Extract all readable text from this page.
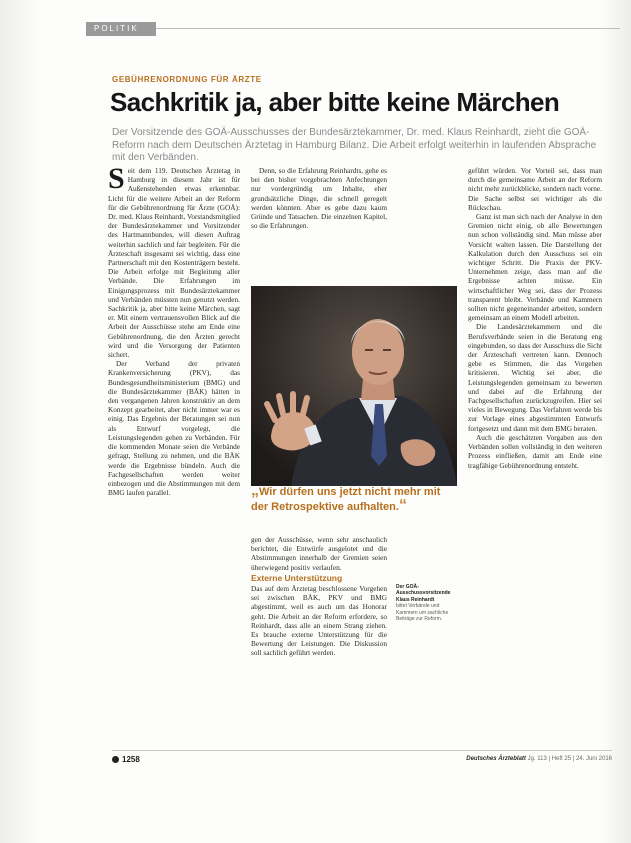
POLITIK
GEBÜHRENORDNUNG FÜR ÄRZTE
Sachkritik ja, aber bitte keine Märchen
Der Vorsitzende des GOÄ-Ausschusses der Bundesärztekammer, Dr. med. Klaus Reinhardt, zieht die GOÄ-Reform nach dem Deutschen Ärztetag in Hamburg Bilanz. Die Arbeit erfolgt weiterhin in laufenden Absprache mit den Verbänden.

Seit dem 119. Deutschen Ärztetag in Hamburg in diesem Jahr ist für Außenstehenden etwas erkennbar. Licht für die weitere Arbeit an der Reform für die Gebührenordnung für Ärzte (GOÄ): Dr. med. Klaus Reinhardt, Vorstandsmitglied der Bundesärztekammer und Vorsitzender des Hartmannbundes, will diesen Auftrag weiterhin sachlich und fair begleiten. Für die Ärzteschaft insgesamt sei wichtig, dass eine Partnerschaft mit den Kostenträgern besteht. Die Arbeit erfolge mit Begleitung aller Verbände. Die Erfahrungen im Einigungsprozess mit Bundesärztekammer und Verbänden müssten nun genutzt werden. Sachkritik ja, aber bitte keine Märchen, sagt er. Mit einem vertrauensvollen Blick auf die Arbeit der Ausschüsse stehe am Ende eine Gebührenordnung, die den Ärzten gerecht wird und die Versorgung der Patienten sichert.

Der Verband der privaten Krankenversicherung (PKV), das Bundesgesundheitsministerium (BMG) und die Bundesärztekammer (BÄK) hätten in den vergangenen Jahren konstruktiv an dem Konzept gearbeitet, aber nicht immer war es einig. Das Ergebnis der Beratungen sei nun als Entwurf vorgelegt, die Leistungslegenden gehen zu Verbänden. Für die kommenden Monate seien die Verbände gefragt, Stellung zu nehmen, und die BÄK werde die Ergebnisse bündeln. Auch die Fachgesellschaften werden weiter einbezogen und die Abstimmungen mit dem BMG laufen parallel.

Denn, so die Erfahrung Reinhardts, gehe es bei den bisher vorgebrachten Anfechtungen nur vordergründig um Inhalte, eher grundsätzliche Dinge, die schnell geregelt werden könnten. Aber es gebe dazu kaum Gründe und Tatsachen. Die einzelnen Kapitel, so die Erfahrungen.

„Wir dürfen uns jetzt nicht mehr mit der Retrospektive aufhalten.“

gen der Ausschüsse, wenn sehr anschaulich berichtet, die Entwürfe ausgelotet und die Abstimmungen innerhalb der Gremien seien überwiegend positiv verlaufen.

Externe Unterstützung

Das auf dem Ärztetag beschlossene Vorgehen sei zwischen BÄK, PKV und BMG abgestimmt, weil es auch um das Honorar geht. Die Arbeit an der Reform erfordere, so Reinhardt, dass alle an einem Strang ziehen. Es brauche externe Unterstützung für die Bewertung der Leistungen. Die Diskussion soll sachlich geführt werden.

Der GOÄ-Ausschussvorsitzende Klaus Reinhardt
bittet Verbände und Kammern um sachliche Beiträge zur Reform.

geführt würden. Vor Vorteil sei, dass man durch die gemeinsame Arbeit an der Reform nicht mehr zurückblicke, sondern nach vorne. Die Sache selbst sei wichtiger als die Rückschau.

Ganz ist man sich nach der Analyse in den Gremien nicht einig, ob alle Bewertungen nun schon vollständig sind. Man müsse aber Vorsicht walten lassen. Die Darstellung der Kalkulation durch den Ausschuss sei ein wichtiger Schritt. Die Praxis der PKV-Unternehmen zeige, dass man auf die Ergebnisse achten müsse. Ein wirtschaftlicher Weg sei, dass der Prozess transparent bleibt. Verbände und Kammern sollten nicht gegeneinander arbeiten, sondern gemeinsam an einem Modell arbeiten.

Die Landesärztekammern und die Berufsverbände seien in die Beratung eng eingebunden, so dass der Ausschuss die Sicht der Ärzteschaft vertreten kann. Dennoch gebe es Stimmen, die das Vorgehen kritisieren. Wichtig sei aber, die Leistungslegenden gemeinsam zu bewerten und dabei auf die Erfahrung der Fachgesellschaften zurückzugreifen. Hier sei vieles in Bewegung. Das Verfahren werde bis zur Vorlage eines abgestimmten Entwurfs fortgesetzt und dann mit dem BMG beraten.

Auch die geschätzten Vorgaben aus den Verbänden sollen vollständig in den weiteren Prozess einfließen, damit am Ende eine tragfähige Gebührenordnung entsteht.

1258	Deutsches Ärzteblatt Jg. 113 | Heft 25 | 24. Juni 2016
